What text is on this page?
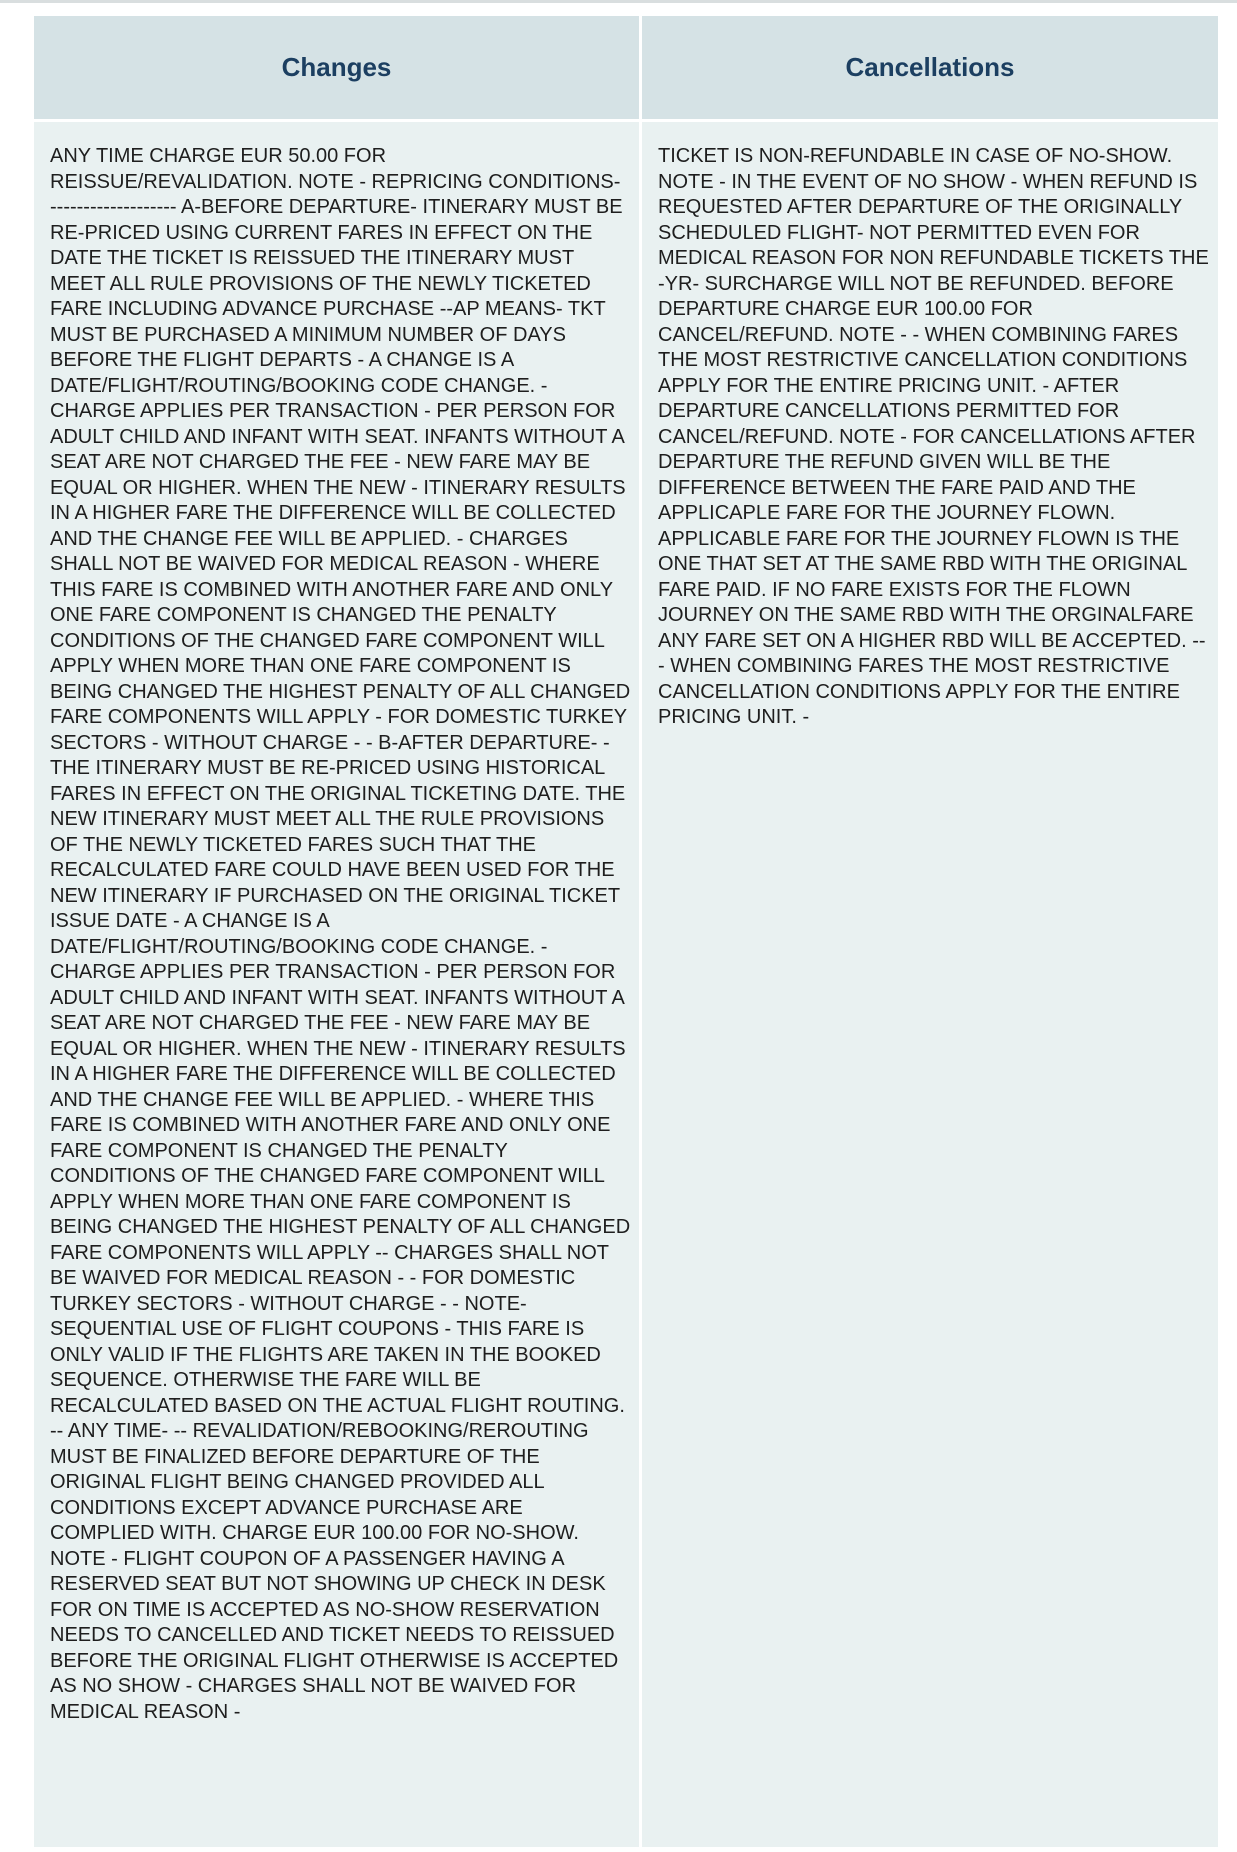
Changes	Cancellations

ANY TIME CHARGE EUR 50.00 FOR REISSUE/REVALIDATION. NOTE - REPRICING CONDITIONS- ------------------- A-BEFORE DEPARTURE- ITINERARY MUST BE RE-PRICED USING CURRENT FARES IN EFFECT ON THE DATE THE TICKET IS REISSUED THE ITINERARY MUST MEET ALL RULE PROVISIONS OF THE NEWLY TICKETED FARE INCLUDING ADVANCE PURCHASE --AP MEANS- TKT MUST BE PURCHASED A MINIMUM NUMBER OF DAYS BEFORE THE FLIGHT DEPARTS - A CHANGE IS A DATE/FLIGHT/ROUTING/BOOKING CODE CHANGE. - CHARGE APPLIES PER TRANSACTION - PER PERSON FOR ADULT CHILD AND INFANT WITH SEAT. INFANTS WITHOUT A SEAT ARE NOT CHARGED THE FEE - NEW FARE MAY BE EQUAL OR HIGHER. WHEN THE NEW - ITINERARY RESULTS IN A HIGHER FARE THE DIFFERENCE WILL BE COLLECTED AND THE CHANGE FEE WILL BE APPLIED. - CHARGES SHALL NOT BE WAIVED FOR MEDICAL REASON - WHERE THIS FARE IS COMBINED WITH ANOTHER FARE AND ONLY ONE FARE COMPONENT IS CHANGED THE PENALTY CONDITIONS OF THE CHANGED FARE COMPONENT WILL APPLY WHEN MORE THAN ONE FARE COMPONENT IS BEING CHANGED THE HIGHEST PENALTY OF ALL CHANGED FARE COMPONENTS WILL APPLY - FOR DOMESTIC TURKEY SECTORS - WITHOUT CHARGE - - B-AFTER DEPARTURE- - THE ITINERARY MUST BE RE-PRICED USING HISTORICAL FARES IN EFFECT ON THE ORIGINAL TICKETING DATE. THE NEW ITINERARY MUST MEET ALL THE RULE PROVISIONS OF THE NEWLY TICKETED FARES SUCH THAT THE RECALCULATED FARE COULD HAVE BEEN USED FOR THE NEW ITINERARY IF PURCHASED ON THE ORIGINAL TICKET ISSUE DATE - A CHANGE IS A DATE/FLIGHT/ROUTING/BOOKING CODE CHANGE. - CHARGE APPLIES PER TRANSACTION - PER PERSON FOR ADULT CHILD AND INFANT WITH SEAT. INFANTS WITHOUT A SEAT ARE NOT CHARGED THE FEE - NEW FARE MAY BE EQUAL OR HIGHER. WHEN THE NEW - ITINERARY RESULTS IN A HIGHER FARE THE DIFFERENCE WILL BE COLLECTED AND THE CHANGE FEE WILL BE APPLIED. - WHERE THIS FARE IS COMBINED WITH ANOTHER FARE AND ONLY ONE FARE COMPONENT IS CHANGED THE PENALTY CONDITIONS OF THE CHANGED FARE COMPONENT WILL APPLY WHEN MORE THAN ONE FARE COMPONENT IS BEING CHANGED THE HIGHEST PENALTY OF ALL CHANGED FARE COMPONENTS WILL APPLY -- CHARGES SHALL NOT BE WAIVED FOR MEDICAL REASON - - FOR DOMESTIC TURKEY SECTORS - WITHOUT CHARGE - - NOTE- SEQUENTIAL USE OF FLIGHT COUPONS - THIS FARE IS ONLY VALID IF THE FLIGHTS ARE TAKEN IN THE BOOKED SEQUENCE. OTHERWISE THE FARE WILL BE RECALCULATED BASED ON THE ACTUAL FLIGHT ROUTING. -- ANY TIME- -- REVALIDATION/REBOOKING/REROUTING MUST BE FINALIZED BEFORE DEPARTURE OF THE ORIGINAL FLIGHT BEING CHANGED PROVIDED ALL CONDITIONS EXCEPT ADVANCE PURCHASE ARE COMPLIED WITH. CHARGE EUR 100.00 FOR NO-SHOW. NOTE - FLIGHT COUPON OF A PASSENGER HAVING A RESERVED SEAT BUT NOT SHOWING UP CHECK IN DESK FOR ON TIME IS ACCEPTED AS NO-SHOW RESERVATION NEEDS TO CANCELLED AND TICKET NEEDS TO REISSUED BEFORE THE ORIGINAL FLIGHT OTHERWISE IS ACCEPTED AS NO SHOW - CHARGES SHALL NOT BE WAIVED FOR MEDICAL REASON -

TICKET IS NON-REFUNDABLE IN CASE OF NO-SHOW. NOTE - IN THE EVENT OF NO SHOW - WHEN REFUND IS REQUESTED AFTER DEPARTURE OF THE ORIGINALLY SCHEDULED FLIGHT- NOT PERMITTED EVEN FOR MEDICAL REASON FOR NON REFUNDABLE TICKETS THE -YR- SURCHARGE WILL NOT BE REFUNDED. BEFORE DEPARTURE CHARGE EUR 100.00 FOR CANCEL/REFUND. NOTE - - WHEN COMBINING FARES THE MOST RESTRICTIVE CANCELLATION CONDITIONS APPLY FOR THE ENTIRE PRICING UNIT. - AFTER DEPARTURE CANCELLATIONS PERMITTED FOR CANCEL/REFUND. NOTE - FOR CANCELLATIONS AFTER DEPARTURE THE REFUND GIVEN WILL BE THE DIFFERENCE BETWEEN THE FARE PAID AND THE APPLICAPLE FARE FOR THE JOURNEY FLOWN. APPLICABLE FARE FOR THE JOURNEY FLOWN IS THE ONE THAT SET AT THE SAME RBD WITH THE ORIGINAL FARE PAID. IF NO FARE EXISTS FOR THE FLOWN JOURNEY ON THE SAME RBD WITH THE ORGINALFARE ANY FARE SET ON A HIGHER RBD WILL BE ACCEPTED. -- - WHEN COMBINING FARES THE MOST RESTRICTIVE CANCELLATION CONDITIONS APPLY FOR THE ENTIRE PRICING UNIT. -
